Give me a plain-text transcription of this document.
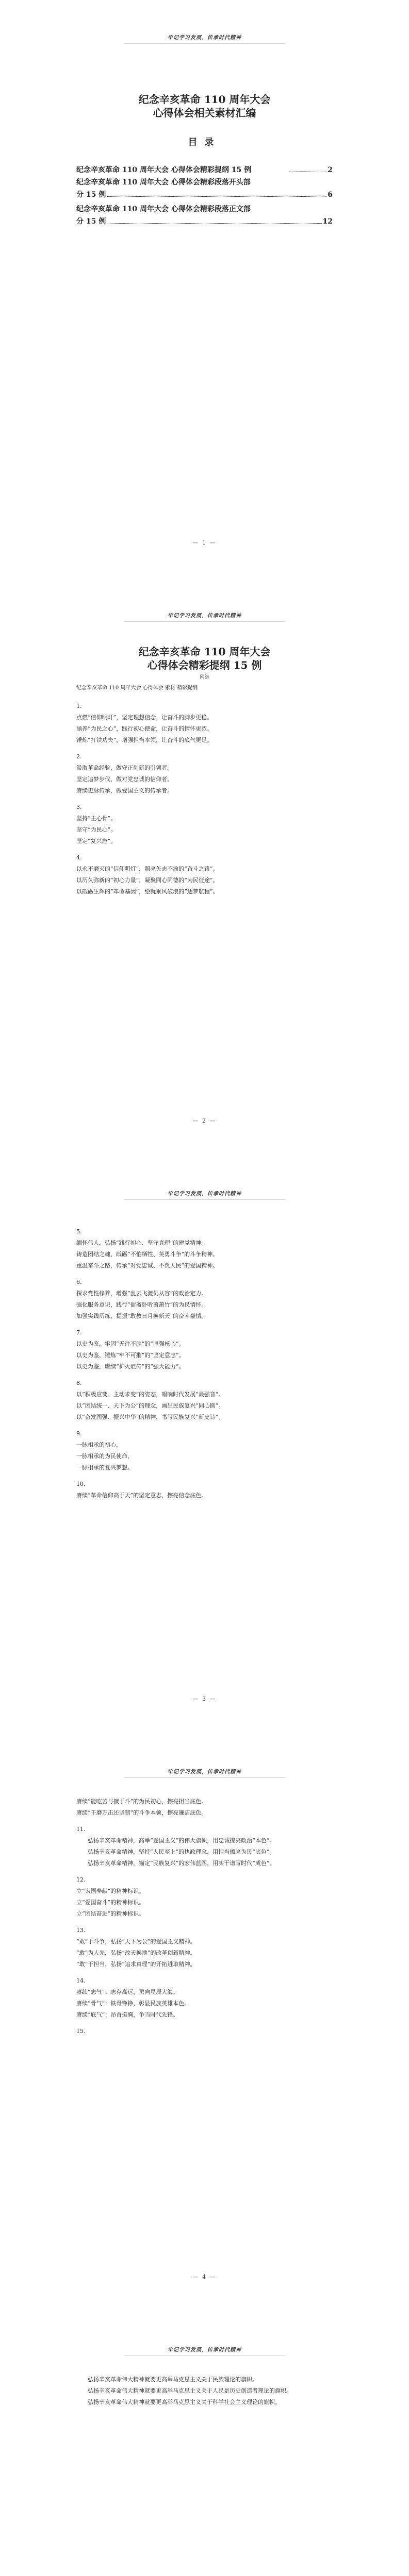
牢记学习发展，传承时代精神

纪念辛亥革命 110 周年大会

心得体会相关素材汇编

目录
纪念辛亥革命 110 周年大会 心得体会精彩提纲 15 例	2
纪念辛亥革命 110 周年大会 心得体会精彩段落开头部
分 15 例	6
纪念辛亥革命 110 周年大会 心得体会精彩段落正文部
分 15 例	12
— 1 —
牢记学习发展，传承时代精神

纪念辛亥革命 110 周年大会

心得体会精彩提纲 15 例

网络
纪念辛亥革命 110 周年大会 心得体会 素材 精彩提纲

1.

点燃“信仰明灯”，坚定理想信念，让奋斗的脚步更稳。

涵养“为民之心”，践行初心使命，让奋斗的情怀更浓。

锤炼“打铁功夫”，增强担当本领，让奋斗的底气更足。

2.

汲取革命经验，做守正创新的引领者。

坚定追梦步伐，做对党忠诚的信仰者。

赓续史脉传承，做爱国主义的传承者。

3.

坚持“主心骨”。

坚守“为民心”。

坚定“复兴志”。

4.

以永不磨灭的“信仰明灯”，照亮矢志不渝的“奋斗之路”。

以历久弥新的“初心力量”，凝聚同心同德的“为民征途”。

以砥砺生辉的“革命基因”，绘就乘风破浪的“逐梦航程”。

— 2 —
牢记学习发展，传承时代精神

5.

缅怀伟人，弘扬“践行初心、坚守真理”的建党精神。

铸造团结之魂，砥砺“不怕牺牲、英勇斗争”的斗争精神。

重温奋斗之路，传承“对党忠诚、不负人民”的爱国精神。

6.

探求党性修养，增强“乱云飞渡仍从容”的政治定力。

强化服务意识，践行“衙斋卧听萧萧竹”的为民情怀。

加强实践历练，提振“敢教日月换新天”的奋斗豪情。

7.

以史为鉴，牢固“无往不胜”的“坚强核心”。

以史为鉴，锤炼“牢不可摧”的“坚定意志”。

以史为鉴，赓续“护火炬传”的“强大能力”。

8.

以“积极应变、主动求变”的姿态，唱响时代发展“最强音”。

以“团结统一、天下为公”的理念，画出民族复兴“同心圆”。

以“奋发图强、振兴中华”的精神，书写民族复兴“新史诗”。

9.

一脉相承的初心，

一脉相承的为民使命，

一脉相承的复兴梦想。

10.

赓续“革命信仰高于天”的坚定意志，擦亮信念底色。

— 3 —
牢记学习发展，传承时代精神

赓续“能吃苦与擅于斗”的为民初心，擦亮担当底色。

赓续“千磨万击还坚韧”的斗争本领，擦亮廉洁底色。

11.

弘扬辛亥革命精神，高举“爱国主义”的伟大旗帜，用忠诚擦亮政治“本色”。

弘扬辛亥革命精神，坚持“人民至上”的执政理念，用担当擦亮为民“底色”。

弘扬辛亥革命精神，锚定“民族复兴”的宏伟蓝图，用实干谱写时代“成色”。

12.

立“为国奉献”的精神标识。

立“爱国奋斗”的精神标识。

立“团结奋进”的精神标识。

13.

“敢”于斗争，弘扬“天下为公”的爱国主义精神。

“敢”为人先，弘扬“改天换地”的改革创新精神。

“敢”于担当，弘扬“追求真理”的开拓进取精神。

14.

赓续“志气”：志存高远，勇向星辰大海。

赓续“骨气”：铁骨铮铮，彰显民族英雄本色。

赓续“底气”：昂首挺胸，争当时代先锋。

15.

— 4 —
牢记学习发展，传承时代精神

弘扬辛亥革命伟大精神就要更高举马克思主义关于民族理论的旗帜。

弘扬辛亥革命伟大精神就要更高举马克思主义关于人民是历史创造者理论的旗帜。

弘扬辛亥革命伟大精神就要更高举马克思主义关于科学社会主义理论的旗帜。
